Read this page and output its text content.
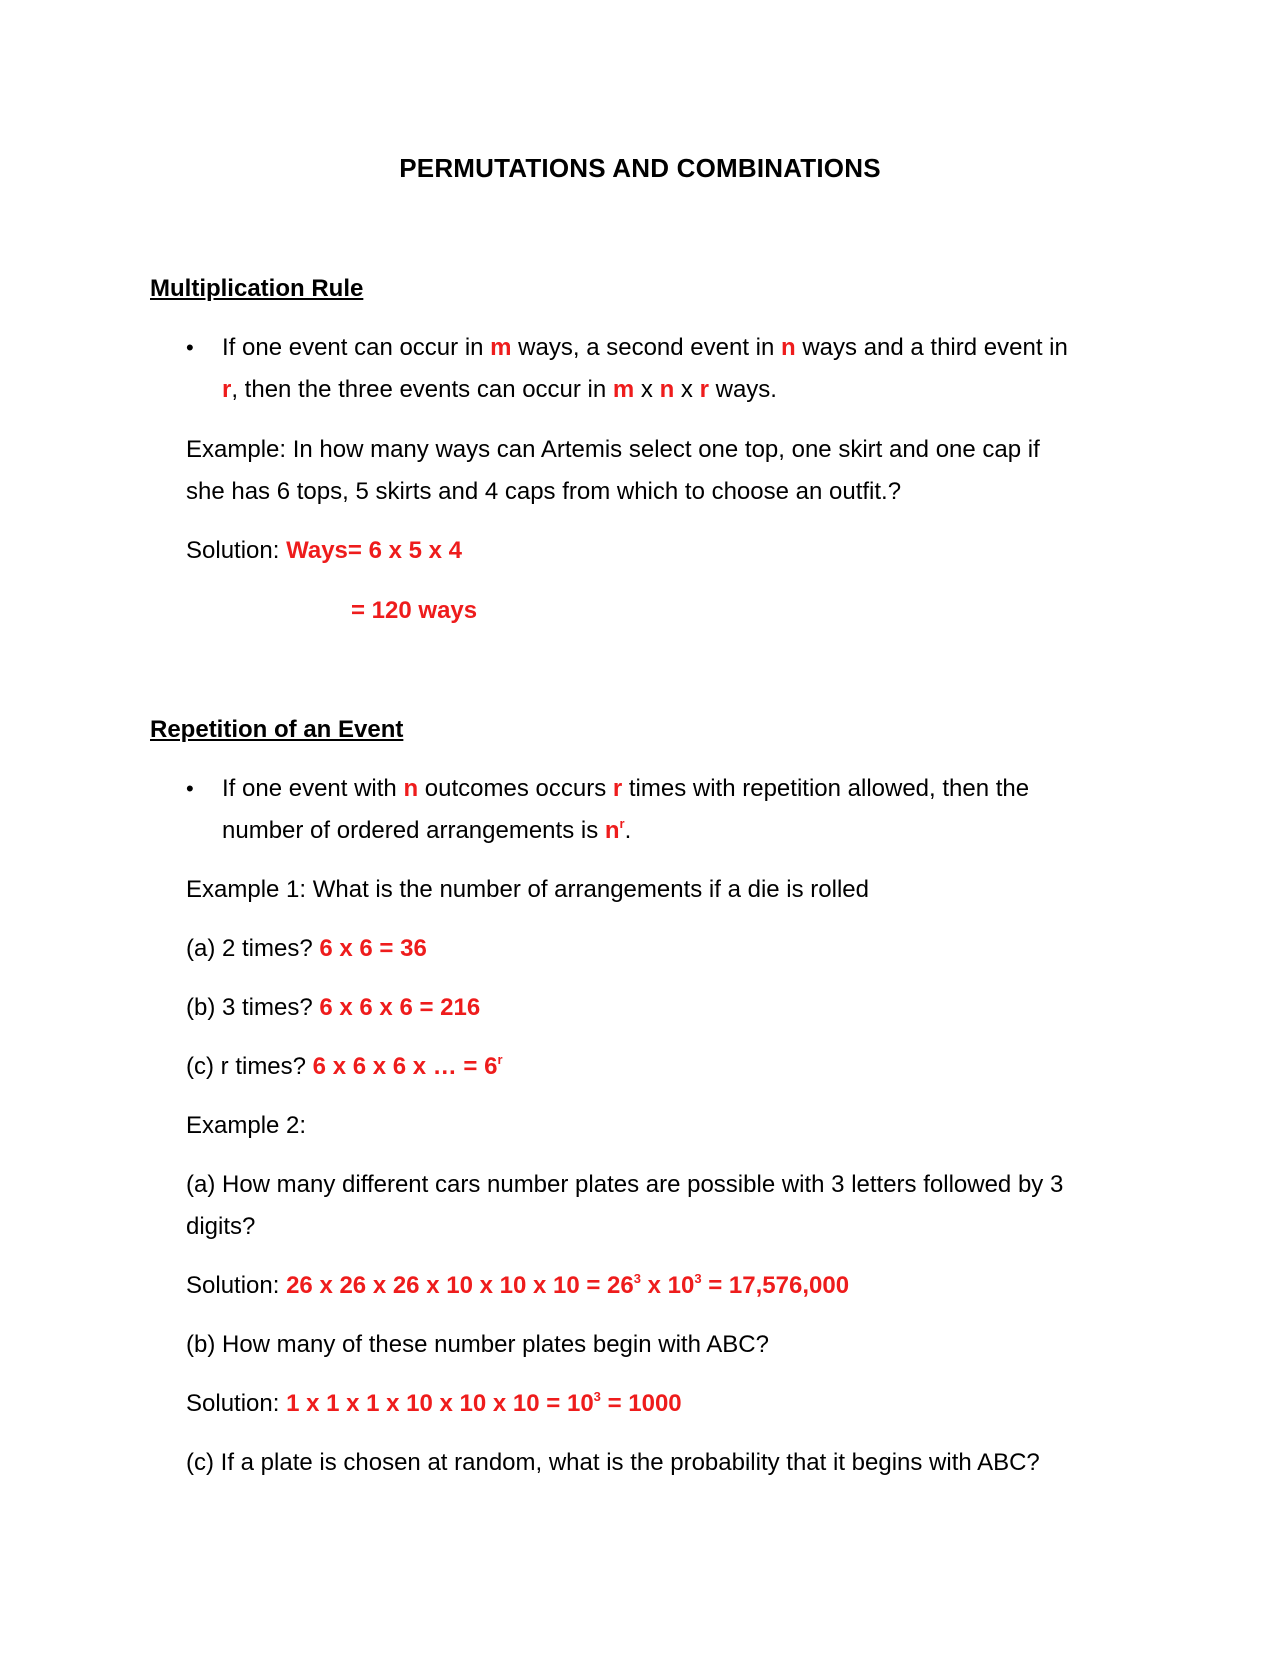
PERMUTATIONS AND COMBINATIONS
Multiplication Rule
• If one event can occur in m ways, a second event in n ways and a third event in
r, then the three events can occur in m x n x r ways.
Example: In how many ways can Artemis select one top, one skirt and one cap if
she has 6 tops, 5 skirts and 4 caps from which to choose an outfit.?
Solution: Ways= 6 x 5 x 4
= 120 ways
Repetition of an Event
• If one event with n outcomes occurs r times with repetition allowed, then the
number of ordered arrangements is $n^r$.
Example 1: What is the number of arrangements if a die is rolled
(a) 2 times? 6 x 6 = 36
(b) 3 times? 6 x 6 x 6 = 216
(c) r times? 6 x 6 x 6 x … = $6^r$
Example 2:
(a) How many different cars number plates are possible with 3 letters followed by 3
digits?
Solution: 26 x 26 x 26 x 10 x 10 x $10 = 26^3$ x $10^3 = 17,576,000$
(b) How many of these number plates begin with ABC?
Solution: 1 x 1 x 1 x 10 x 10 x $10 = 10^3 = 1000$
(c) If a plate is chosen at random, what is the probability that it begins with ABC?
